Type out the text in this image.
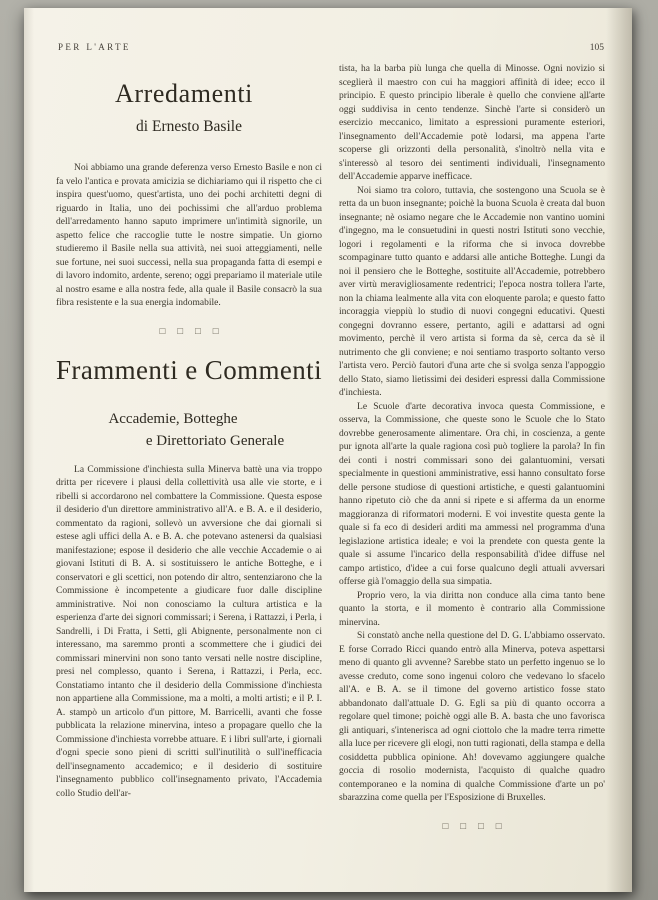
PER L'ARTE	105
Arredamenti
di Ernesto Basile

Noi abbiamo una grande deferenza verso Ernesto Basile e non ci fa velo l'antica e provata amicizia se dichiariamo qui il rispetto che ci inspira quest'uomo, quest'artista, uno dei pochi architetti degni di riguardo in Italia, uno dei pochissimi che all'arduo problema dell'arredamento hanno saputo imprimere un'intimità signorile, un aspetto felice che raccoglie tutte le nostre simpatie. Un giorno studieremo il Basile nella sua attività, nei suoi atteggiamenti, nelle sue fortune, nei suoi successi, nella sua propaganda fatta di esempi e di lavoro indomito, ardente, sereno; oggi prepariamo il materiale utile al nostro esame e alla nostra fede, alla quale il Basile consacrò la sua fibra resistente e la sua energia indomabile.

□□□□
Frammenti e Commenti
Accademie, Botteghe
e Direttoriato Generale

La Commissione d'inchiesta sulla Minerva battè una via troppo dritta per ricevere i plausi della collettività usa alle vie storte, e i ribelli si accordarono nel combattere la Commissione. Questa espose il desiderio d'un direttore amministrativo all'A. e B. A. e il desiderio, commentato da ragioni, sollevò un avversione che dai giornali si estese agli uffici della A. e B. A. che potevano astenersi da qualsiasi manifestazione; espose il desiderio che alle vecchie Accademie o ai giovani Istituti di B. A. si sostituissero le antiche Botteghe, e i conservatori e gli scettici, non potendo dir altro, sentenziarono che la Commissione è incompetente a giudicare fuor dalle discipline amministrative. Noi non conosciamo la cultura artistica e la esperienza d'arte dei signori commissari; i Serena, i Rattazzi, i Perla, i Sandrelli, i Di Fratta, i Setti, gli Abignente, personalmente non ci interessano, ma saremmo pronti a scommettere che i giudici dei commissari minervini non sono tanto versati nelle nostre discipline, presi nel complesso, quanto i Serena, i Rattazzi, i Perla, ecc. Constatiamo intanto che il desiderio della Commissione d'inchiesta non appartiene alla Commissione, ma a molti, a molti artisti; e il P. I. A. stampò un articolo d'un pittore, M. Barricelli, avanti che fosse pubblicata la relazione minervina, inteso a propagare quello che la Commissione d'inchiesta vorrebbe attuare. E i libri sull'arte, i giornali d'ogni specie sono pieni di scritti sull'inutilità o sull'inefficacia dell'insegnamento accademico; e il desiderio di sostituire l'insegnamento pubblico coll'insegnamento privato, l'Accademia collo Studio dell'ar-

tista, ha la barba più lunga che quella di Minosse. Ogni novizio si sceglierà il maestro con cui ha maggiori affinità di idee; ecco il principio. E questo principio liberale è quello che conviene all'arte oggi suddivisa in cento tendenze. Sinchè l'arte si considerò un esercizio meccanico, limitato a espressioni puramente esteriori, l'insegnamento dell'Accademie potè lodarsi, ma appena l'arte scoperse gli orizzonti della personalità, s'inoltrò nella vita e s'interessò al tesoro dei sentimenti individuali, l'insegnamento dell'Accademie apparve inefficace.

Noi siamo tra coloro, tuttavia, che sostengono una Scuola se è retta da un buon insegnante; poichè la buona Scuola è creata dal buon insegnante; nè osiamo negare che le Accademie non vantino uomini d'ingegno, ma le consuetudini in questi nostri Istituti sono vecchie, logori i regolamenti e la riforma che si invoca dovrebbe scompaginare tutto quanto e addarsi alle antiche Botteghe. Lungi da noi il pensiero che le Botteghe, sostituite all'Accademie, potrebbero aver virtù meravigliosamente redentrici; l'epoca nostra tollera l'arte, non la chiama lealmente alla vita con eloquente parola; e questo fatto incoraggia vieppiù lo studio di nuovi congegni educativi. Questi congegni dovranno essere, pertanto, agili e adattarsi ad ogni movimento, perchè il vero artista si forma da sè, cerca da sè il nutrimento che gli conviene; e noi sentiamo trasporto soltanto verso l'artista vero. Perciò fautori d'una arte che si svolga senza l'appoggio dello Stato, siamo lietissimi dei desideri espressi dalla Commissione d'inchiesta.

Le Scuole d'arte decorativa invoca questa Commissione, e osserva, la Commissione, che queste sono le Scuole che lo Stato dovrebbe generosamente alimentare. Ora chi, in coscienza, a gente pur ignota all'arte la quale ragiona così può togliere la parola? In fin dei conti i nostri commissari sono dei galantuomini, versati specialmente in questioni amministrative, essi hanno consultato forse delle persone studiose di questioni artistiche, e questi galantuomini hanno ripetuto ciò che da anni si ripete e si afferma da un enorme maggioranza di riformatori moderni. E voi investite questa gente la quale si fa eco di desideri arditi ma ammessi nel programma d'una legislazione artistica ideale; e voi la prendete con questa gente la quale si assume l'incarico della responsabilità d'idee diffuse nel campo artistico, d'idee a cui forse qualcuno degli attuali avversari offerse già l'omaggio della sua simpatia.

Proprio vero, la via diritta non conduce alla cima tanto bene quanto la storta, e il momento è contrario alla Commissione minervina.

Si constatò anche nella questione del D. G. L'abbiamo osservato. E forse Corrado Ricci quando entrò alla Minerva, poteva aspettarsi meno di quanto gli avvenne? Sarebbe stato un perfetto ingenuo se lo avesse creduto, come sono ingenui coloro che vedevano lo sfacelo all'A. e B. A. se il timone del governo artistico fosse stato abbandonato dall'attuale D. G. Egli sa più di quanto occorra a regolare quel timone; poichè oggi alle B. A. basta che uno favorisca gli antiquari, s'intenerisca ad ogni ciottolo che la madre terra rimette alla luce per ricevere gli elogi, non tutti ragionati, della stampa e della cosiddetta pubblica opinione. Ah! dovevamo aggiungere qualche goccia di rosolio modernista, l'acquisto di qualche quadro contemporaneo e la nomina di qualche Commissione d'arte un po' sbarazzina come quella per l'Esposizione di Bruxelles.

□□□□
